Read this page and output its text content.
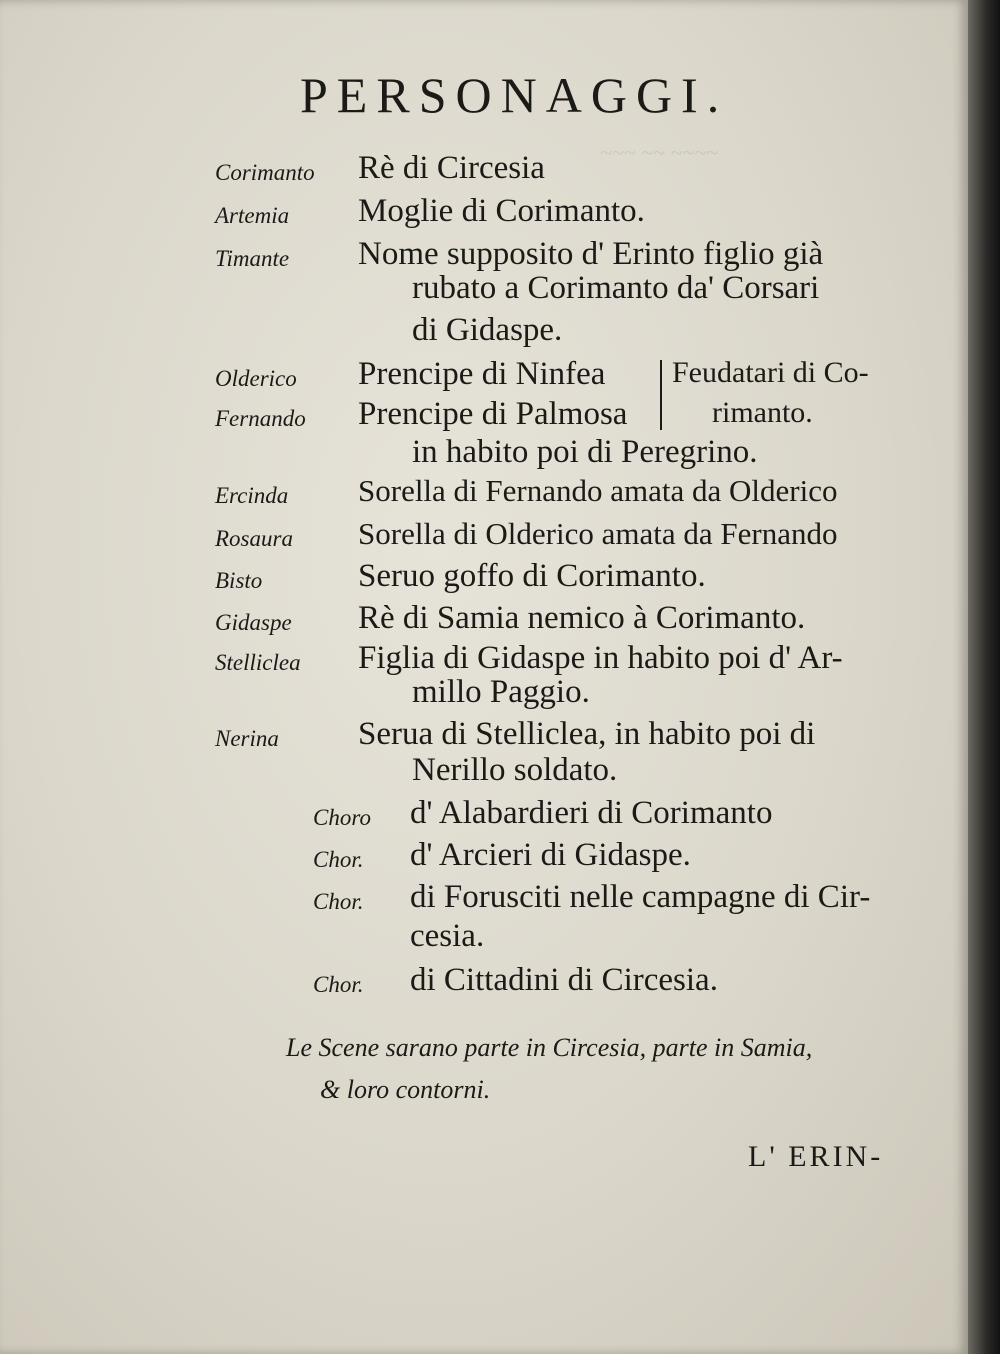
~~~ ~~ ~~~~
PERSONAGGI.
Corimanto Rè di Circesia
Artemia Moglie di Corimanto.
Timante Nome supposito d' Erinto figlio già
rubato a Corimanto da' Corsari
di Gidaspe.
Olderico Prencipe di Ninfea
Fernando Prencipe di Palmosa
Feudatari di Co-
rimanto.
in habito poi di Peregrino.
Ercinda Sorella di Fernando amata da Olderico
Rosaura Sorella di Olderico amata da Fernando
Bisto	Seruo goffo di Corimanto.
Gidaspe Rè di Samia nemico à Corimanto.
Stelliclea Figlia di Gidaspe in habito poi d' Ar-
millo Paggio.
Nerina Serua di Stelliclea, in habito poi di
Nerillo soldato.
Choro d' Alabardieri di Corimanto
Chor. d' Arcieri di Gidaspe.
Chor. di Forusciti nelle campagne di Cir-
cesia.
Chor. di Cittadini di Circesia.
Le Scene sarano parte in Circesia, parte in Samia,
& loro contorni.
L' ERIN-
